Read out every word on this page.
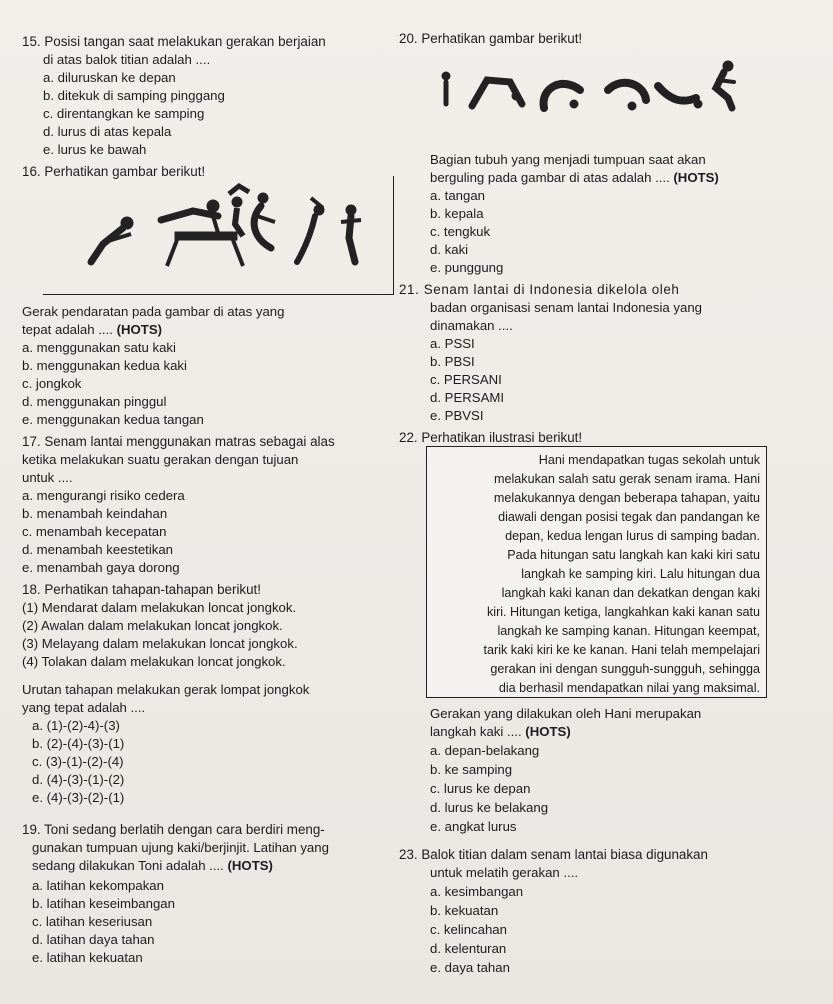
15. Posisi tangan saat melakukan gerakan berjaian
di atas balok titian adalah ....
a. diluruskan ke depan
b. ditekuk di samping pinggang
c. direntangkan ke samping
d. lurus di atas kepala
e. lurus ke bawah
16. Perhatikan gambar berikut!
Gerak pendaratan pada gambar di atas yang
tepat adalah .... (HOTS)
a. menggunakan satu kaki
b. menggunakan kedua kaki
c. jongkok
d. menggunakan pinggul
e. menggunakan kedua tangan
17. Senam lantai menggunakan matras sebagai alas
ketika melakukan suatu gerakan dengan tujuan
untuk ....
a. mengurangi risiko cedera
b. menambah keindahan
c. menambah kecepatan
d. menambah keestetikan
e. menambah gaya dorong
18. Perhatikan tahapan-tahapan berikut!
(1) Mendarat dalam melakukan loncat jongkok.
(2) Awalan dalam melakukan loncat jongkok.
(3) Melayang dalam melakukan loncat jongkok.
(4) Tolakan dalam melakukan loncat jongkok.
Urutan tahapan melakukan gerak lompat jongkok
yang tepat adalah ....
a. (1)-(2)-4)-(3)
b. (2)-(4)-(3)-(1)
c. (3)-(1)-(2)-(4)
d. (4)-(3)-(1)-(2)
e. (4)-(3)-(2)-(1)
19. Toni sedang berlatih dengan cara berdiri meng-
gunakan tumpuan ujung kaki/berjinjit. Latihan yang
sedang dilakukan Toni adalah .... (HOTS)
a. latihan kekompakan
b. latihan keseimbangan
c. latihan keseriusan
d. latihan daya tahan
e. latihan kekuatan
20. Perhatikan gambar berikut!
Bagian tubuh yang menjadi tumpuan saat akan
berguling pada gambar di atas adalah .... (HOTS)
a. tangan
b. kepala
c. tengkuk
d. kaki
e. punggung
21. Senam lantai di Indonesia dikelola oleh
badan organisasi senam lantai Indonesia yang
dinamakan ....
a. PSSI
b. PBSI
c. PERSANI
d. PERSAMI
e. PBVSI
22. Perhatikan ilustrasi berikut!
Hani mendapatkan tugas sekolah untuk
melakukan salah satu gerak senam irama. Hani
melakukannya dengan beberapa tahapan, yaitu
diawali dengan posisi tegak dan pandangan ke
depan, kedua lengan lurus di samping badan.
Pada hitungan satu langkah kan kaki kiri satu
langkah ke samping kiri. Lalu hitungan dua
langkah kaki kanan dan dekatkan dengan kaki
kiri. Hitungan ketiga, langkahkan kaki kanan satu
langkah ke samping kanan. Hitungan keempat,
tarik kaki kiri ke ke kanan. Hani telah mempelajari
gerakan ini dengan sungguh-sungguh, sehingga
dia berhasil mendapatkan nilai yang maksimal.
Gerakan yang dilakukan oleh Hani merupakan
langkah kaki .... (HOTS)
a. depan-belakang
b. ke samping
c. lurus ke depan
d. lurus ke belakang
e. angkat lurus
23. Balok titian dalam senam lantai biasa digunakan
untuk melatih gerakan ....
a. kesimbangan
b. kekuatan
c. kelincahan
d. kelenturan
e. daya tahan
